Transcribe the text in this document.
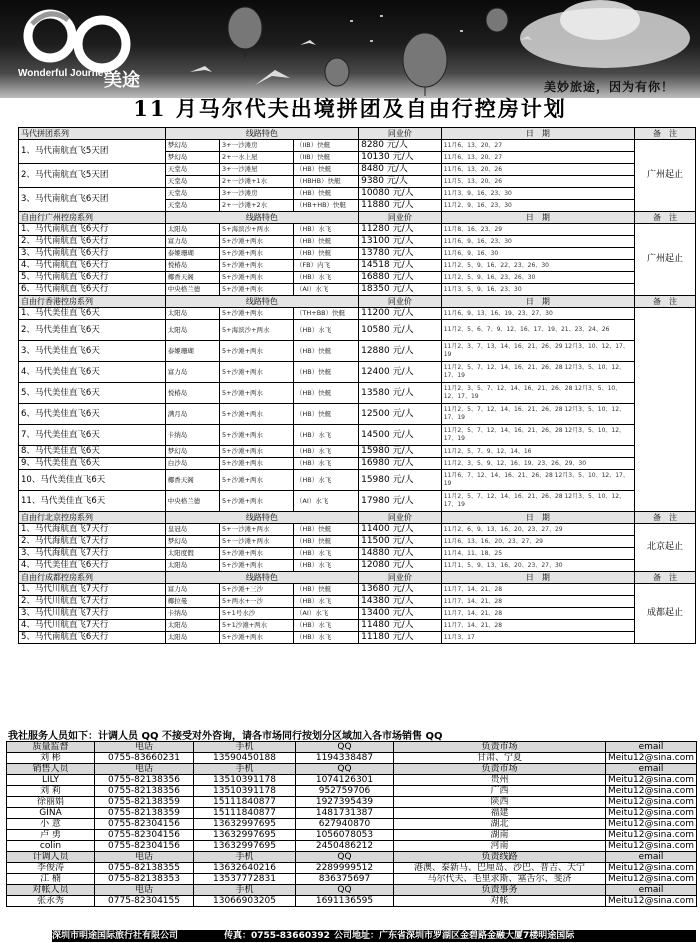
Wonderful Journey
美途	美妙旅途，因为有你！
11 月马尔代夫出境拼团及自由行控房计划
马代拼团系列	线路特色			同业价	日　期	备　注
1、马代南航直飞5天团	梦幻岛	3+一沙滩房	（IIB）快艇	8280 元/人	11月6、13、20、27	广州起止
	梦幻岛	2+一水上屋	（IIB）快艇	10130 元/人	11月6、13、20、27	
2、马代南航直飞5天团	天堂岛	3+一沙滩屋	（HB）快艇	8480 元/人	11月6、13、20、26	
	天堂岛	2+一沙滩+1水	（HBHB）快艇	9380 元/人	11月5、13、20、26	
3、马代南航直飞6天团	天堂岛	3+一沙滩房	（HB）快艇	10080 元/人	11月3、9、16、23、30	
	天堂岛	2+一沙滩+2水	（HB+HB）快艇	11880 元/人	11月2、9、16、23、30	
自由行广州控房系列	线路特色			同业价	日　期	备　注
1、马代南航直飞6天行	太阳岛	5+海滨沙+两水	（HB）水飞	11280 元/人	11月8、16、23、29	广州起止
2、马代南航直飞6天行	富力岛	5+沙滩+两水	（HB）快艇	13100 元/人	11月6、9、16、23、30	
3、马代南航直飞6天行	泰姬珊瑚	5+沙滩+两水	（HB）快艇	13780 元/人	11月6、9、16、30	
4、马代南航直飞6天行	悦椿岛	5+沙滩+两水	（FB）内飞	14518 元/人	11月2、5、9、16、22、23、26、30	
5、马代南航直飞6天行	椰香天阁	5+沙滩+两水	（HB）水飞	16880 元/人	11月2、5、9、16、23、26、30	
6、马代南航直飞6天行	中央格兰德	5+沙滩+两水	（AI）水飞	18350 元/人	11月3、5、9、16、23、30	
自由行香港控房系列	线路特色			同业价	日　期	备　注
1、马代美佳直飞6天	太阳岛	5+沙滩+两水	（TH+BB）快艇	11200 元/人	11月6、9、13、16、19、23、27、30	
2、马代美佳直飞6天	太阳岛	5+海滨沙+两水	（HB）水飞	10580 元/人	11月2、5、6、7、9、12、16、17、19、21、23、24、26	
3、马代美佳直飞6天	泰姬珊瑚	5+沙滩+两水	（HB）快艇	12880 元/人	11月2、3、7、13、14、16、21、26、29 12月3、10、12、17、19	
4、马代美佳直飞6天	富力岛	5+沙滩+两水	（HB）快艇	12400 元/人	11月2、5、7、12、14、16、21、26、28 12月3、5、10、12、17、19	
5、马代美佳直飞6天	悦椿岛	5+沙滩+两水	（HB）快艇	13580 元/人	11月2、3、5、7、12、14、16、21、26、28 12月3、5、10、12、17、19	
6、马代美佳直飞6天	满月岛	5+沙滩+两水	（HB）快艇	12500 元/人	11月2、5、7、12、14、16、21、26、28 12月3、5、10、12、17、19	
7、马代美佳直飞6天	卡纳岛	5+沙滩+两水	（HB）水飞	14500 元/人	11月2、5、7、12、14、16、21、26、28 12月3、5、10、12、17、19	
8、马代美佳直飞6天	梦幻岛	5+沙滩+两水	（HB）水飞	15980 元/人	11月2、5、7、9、12、14、16	
9、马代美佳直飞6天	白沙岛	5+沙滩+两水	（HB）水飞	16980 元/人	11月2、3、5、9、12、16、19、23、26、29、30	
10、马代美佳直飞6天	椰香天阁	5+沙滩+两水	（HB）水飞	15980 元/人	11月6、7、12、14、16、21、26、28 12月3、5、10、12、17、19	
11、马代美佳直飞6天	中央格兰德	5+沙滩+两水	（AI）水飞	17980 元/人	11月2、5、7、12、14、16、21、26、28 12月3、5、10、12、17、19	
自由行北京控房系列	线路特色			同业价	日　期	备　注
1、马代海航直飞7天行	皇冠岛	5+一沙滩+两水	（HB）快艇	11400 元/人	11月2、6、9、13、16、20、23、27、29	北京起止
2、马代海航直飞7天行	梦幻岛	5+一沙滩+两水	（HB）快艇	11500 元/人	11月6、13、16、20、23、27、29	
3、马代海航直飞7天行	太阳度假	5+沙滩+两水	（HB）水飞	14880 元/人	11月4、11、18、25	
4、马代美佳直飞6天行	太阳岛	5+沙滩+两水	（HB）水飞	12080 元/人	11月1、5、9、13、16、20、23、27、30	
自由行成都控房系列	线路特色			同业价	日　期	备　注
1、马代川航直飞7天行	富力岛	5+沙滩+三沙	（HB）快艇	13680 元/人	11月7、14、21、28	成都起止
2、马代川航直飞7天行	椰拉曼	5+两水+一沙	（HB）水飞	14380 元/人	11月7、14、21、28	
3、马代川航直飞7天行	卡纳岛	5+1号水沙	（AI）水飞	13400 元/人	11月7、14、21、28	
4、马代川航直飞7天行	太阳岛	5+1沙滩+两水	（HB）水飞	11480 元/人	11月7、14、21、28	
5、马代南航直飞6天行	太阳岛	5+沙滩+两水	（HB）水飞	11180 元/人	11月3、17	
我社服务人员如下：计调人员 QQ 不接受对外咨询，请各市场同行按划分区域加入各市场销售 QQ
质量监督	电话	手机	QQ	负责市场	email
刘 彬	0755-83660231	13590450188	1194338487	甘肃、宁夏	Meitu12@sina.com
销售人员	电话	手机	QQ	负责市场	email
LILY	0755-82138356	13510391178	1074126301	贵州	Meitu12@sina.com
刘 莉	0755-82138356	13510391178	952759706	广西	Meitu12@sina.com
徐丽娟	0755-82138359	15111840877	1927395439	陕西	Meitu12@sina.com
GINA	0755-82138359	15111840877	1481731387	福建	Meitu12@sina.com
小 意	0755-82304156	13632997695	627940870	湖北	Meitu12@sina.com
卢 勇	0755-82304156	13632997695	1056078053	湖南	Meitu12@sina.com
colin	0755-82304156	13632997695	2450486212	河南	Meitu12@sina.com
计调人员	电话	手机	QQ	负责线路	email
李俊涛	0755-82138355	13632640216	2289999512	港澳、泰新马、巴厘岛、沙巴、普吉、天宁	Meitu12@sina.com
江 楠	0755-82138353	13537772831	836375697	马尔代夫、毛里求斯、塞舌尔、斐济	Meitu12@sina.com
对帐人员	电话	手机	QQ	负责事务	email
张永秀	0775-82304155	13066903205	1691136595	对帐	Meitu12@sina.com
深圳市明途国际旅行社有限公司	传真：0755-83660392 公司地址：广东省深圳市罗湖区金碧路金融大厦7楼明途国际
